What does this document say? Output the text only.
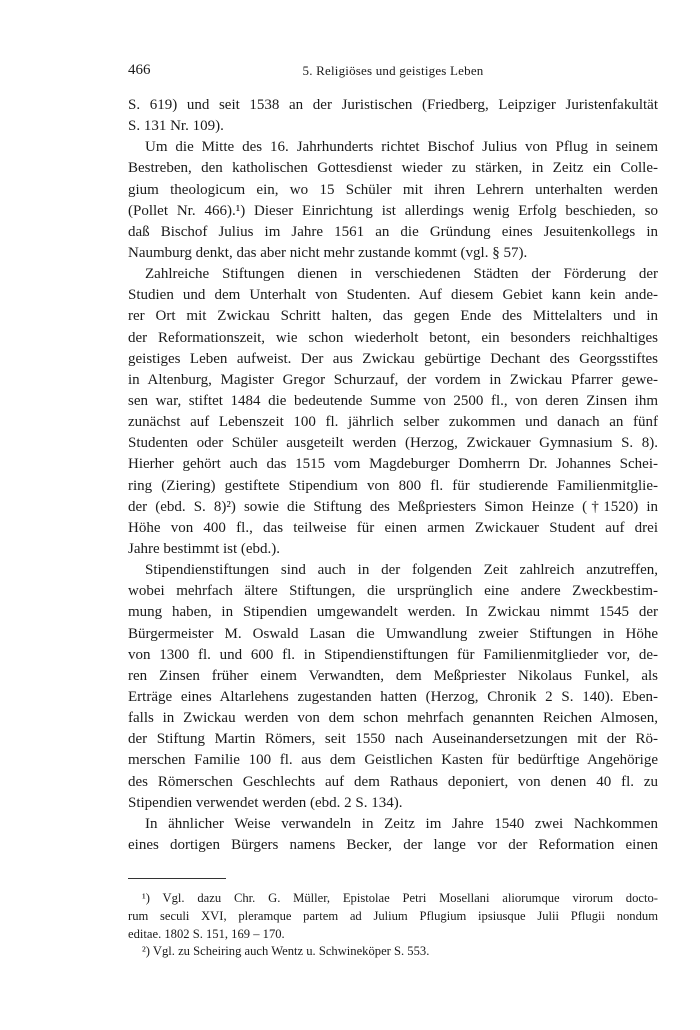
466	5. Religiöses und geistiges Leben
S. 619) und seit 1538 an der Juristischen (Friedberg, Leipziger Juristenfakultät
S. 131 Nr. 109).
Um die Mitte des 16. Jahrhunderts richtet Bischof Julius von Pflug in seinem
Bestreben, den katholischen Gottesdienst wieder zu stärken, in Zeitz ein Colle-
gium theologicum ein, wo 15 Schüler mit ihren Lehrern unterhalten werden
(Pollet Nr. 466).¹) Dieser Einrichtung ist allerdings wenig Erfolg beschieden, so
daß Bischof Julius im Jahre 1561 an die Gründung eines Jesuitenkollegs in
Naumburg denkt, das aber nicht mehr zustande kommt (vgl. § 57).
Zahlreiche Stiftungen dienen in verschiedenen Städten der Förderung der
Studien und dem Unterhalt von Studenten. Auf diesem Gebiet kann kein ande-
rer Ort mit Zwickau Schritt halten, das gegen Ende des Mittelalters und in
der Reformationszeit, wie schon wiederholt betont, ein besonders reichhaltiges
geistiges Leben aufweist. Der aus Zwickau gebürtige Dechant des Georgsstiftes
in Altenburg, Magister Gregor Schurzauf, der vordem in Zwickau Pfarrer gewe-
sen war, stiftet 1484 die bedeutende Summe von 2500 fl., von deren Zinsen ihm
zunächst auf Lebenszeit 100 fl. jährlich selber zukommen und danach an fünf
Studenten oder Schüler ausgeteilt werden (Herzog, Zwickauer Gymnasium S. 8).
Hierher gehört auch das 1515 vom Magdeburger Domherrn Dr. Johannes Schei-
ring (Ziering) gestiftete Stipendium von 800 fl. für studierende Familienmitglie-
der (ebd. S. 8)²) sowie die Stiftung des Meßpriesters Simon Heinze (†1520) in
Höhe von 400 fl., das teilweise für einen armen Zwickauer Student auf drei
Jahre bestimmt ist (ebd.).
Stipendienstiftungen sind auch in der folgenden Zeit zahlreich anzutreffen,
wobei mehrfach ältere Stiftungen, die ursprünglich eine andere Zweckbestim-
mung haben, in Stipendien umgewandelt werden. In Zwickau nimmt 1545 der
Bürgermeister M. Oswald Lasan die Umwandlung zweier Stiftungen in Höhe
von 1300 fl. und 600 fl. in Stipendienstiftungen für Familienmitglieder vor, de-
ren Zinsen früher einem Verwandten, dem Meßpriester Nikolaus Funkel, als
Erträge eines Altarlehens zugestanden hatten (Herzog, Chronik 2 S. 140). Eben-
falls in Zwickau werden von dem schon mehrfach genannten Reichen Almosen,
der Stiftung Martin Römers, seit 1550 nach Auseinandersetzungen mit der Rö-
merschen Familie 100 fl. aus dem Geistlichen Kasten für bedürftige Angehörige
des Römerschen Geschlechts auf dem Rathaus deponiert, von denen 40 fl. zu
Stipendien verwendet werden (ebd. 2 S. 134).
In ähnlicher Weise verwandeln in Zeitz im Jahre 1540 zwei Nachkommen
eines dortigen Bürgers namens Becker, der lange vor der Reformation einen
¹) Vgl. dazu Chr. G. Müller, Epistolae Petri Mosellani aliorumque virorum docto-
rum seculi XVI, pleramque partem ad Julium Pflugium ipsiusque Julii Pflugii nondum
editae. 1802 S. 151, 169 – 170.
²) Vgl. zu Scheiring auch Wentz u. Schwineköper S. 553.
